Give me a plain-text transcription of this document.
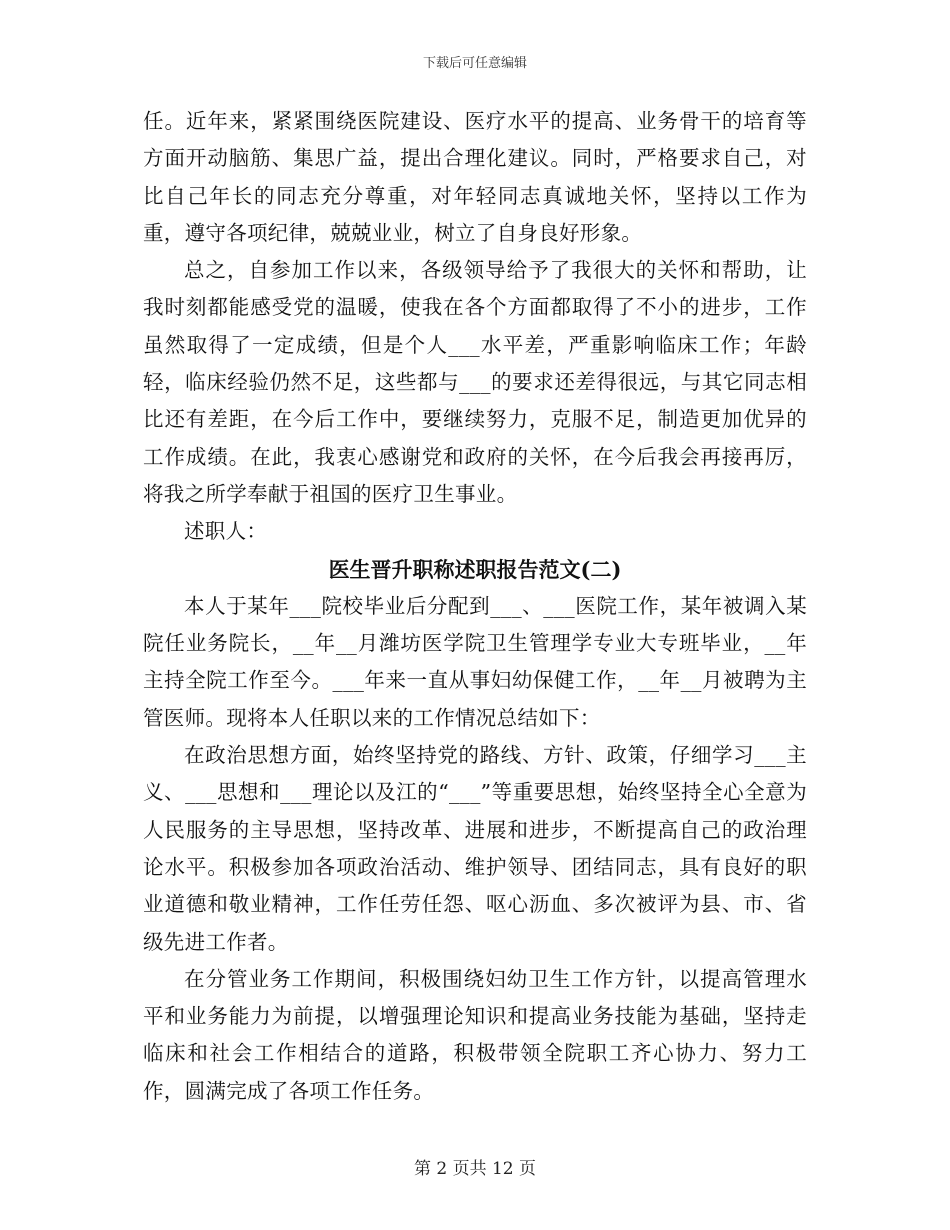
下载后可任意编辑

任。近年来，紧紧围绕医院建设、医疗水平的提高、业务骨干的培育等方面开动脑筋、集思广益，提出合理化建议。同时，严格要求自己，对比自己年长的同志充分尊重，对年轻同志真诚地关怀，坚持以工作为重，遵守各项纪律，兢兢业业，树立了自身良好形象。

总之，自参加工作以来，各级领导给予了我很大的关怀和帮助，让我时刻都能感受党的温暖，使我在各个方面都取得了不小的进步，工作虽然取得了一定成绩，但是个人___水平差，严重影响临床工作；年龄轻，临床经验仍然不足，这些都与___的要求还差得很远，与其它同志相比还有差距，在今后工作中，要继续努力，克服不足，制造更加优异的工作成绩。在此，我衷心感谢党和政府的关怀，在今后我会再接再厉，将我之所学奉献于祖国的医疗卫生事业。

述职人：

医生晋升职称述职报告范文(二)

本人于某年___院校毕业后分配到___、___医院工作，某年被调入某院任业务院长，__年__月潍坊医学院卫生管理学专业大专班毕业，__年主持全院工作至今。___年来一直从事妇幼保健工作，__年__月被聘为主管医师。现将本人任职以来的工作情况总结如下：

在政治思想方面，始终坚持党的路线、方针、政策，仔细学习___主义、___思想和___理论以及江的“___”等重要思想，始终坚持全心全意为人民服务的主导思想，坚持改革、进展和进步，不断提高自己的政治理论水平。积极参加各项政治活动、维护领导、团结同志，具有良好的职业道德和敬业精神，工作任劳任怨、呕心沥血、多次被评为县、市、省级先进工作者。

在分管业务工作期间，积极围绕妇幼卫生工作方针，以提高管理水平和业务能力为前提，以增强理论知识和提高业务技能为基础，坚持走临床和社会工作相结合的道路，积极带领全院职工齐心协力、努力工作，圆满完成了各项工作任务。

第 2 页共 12 页
